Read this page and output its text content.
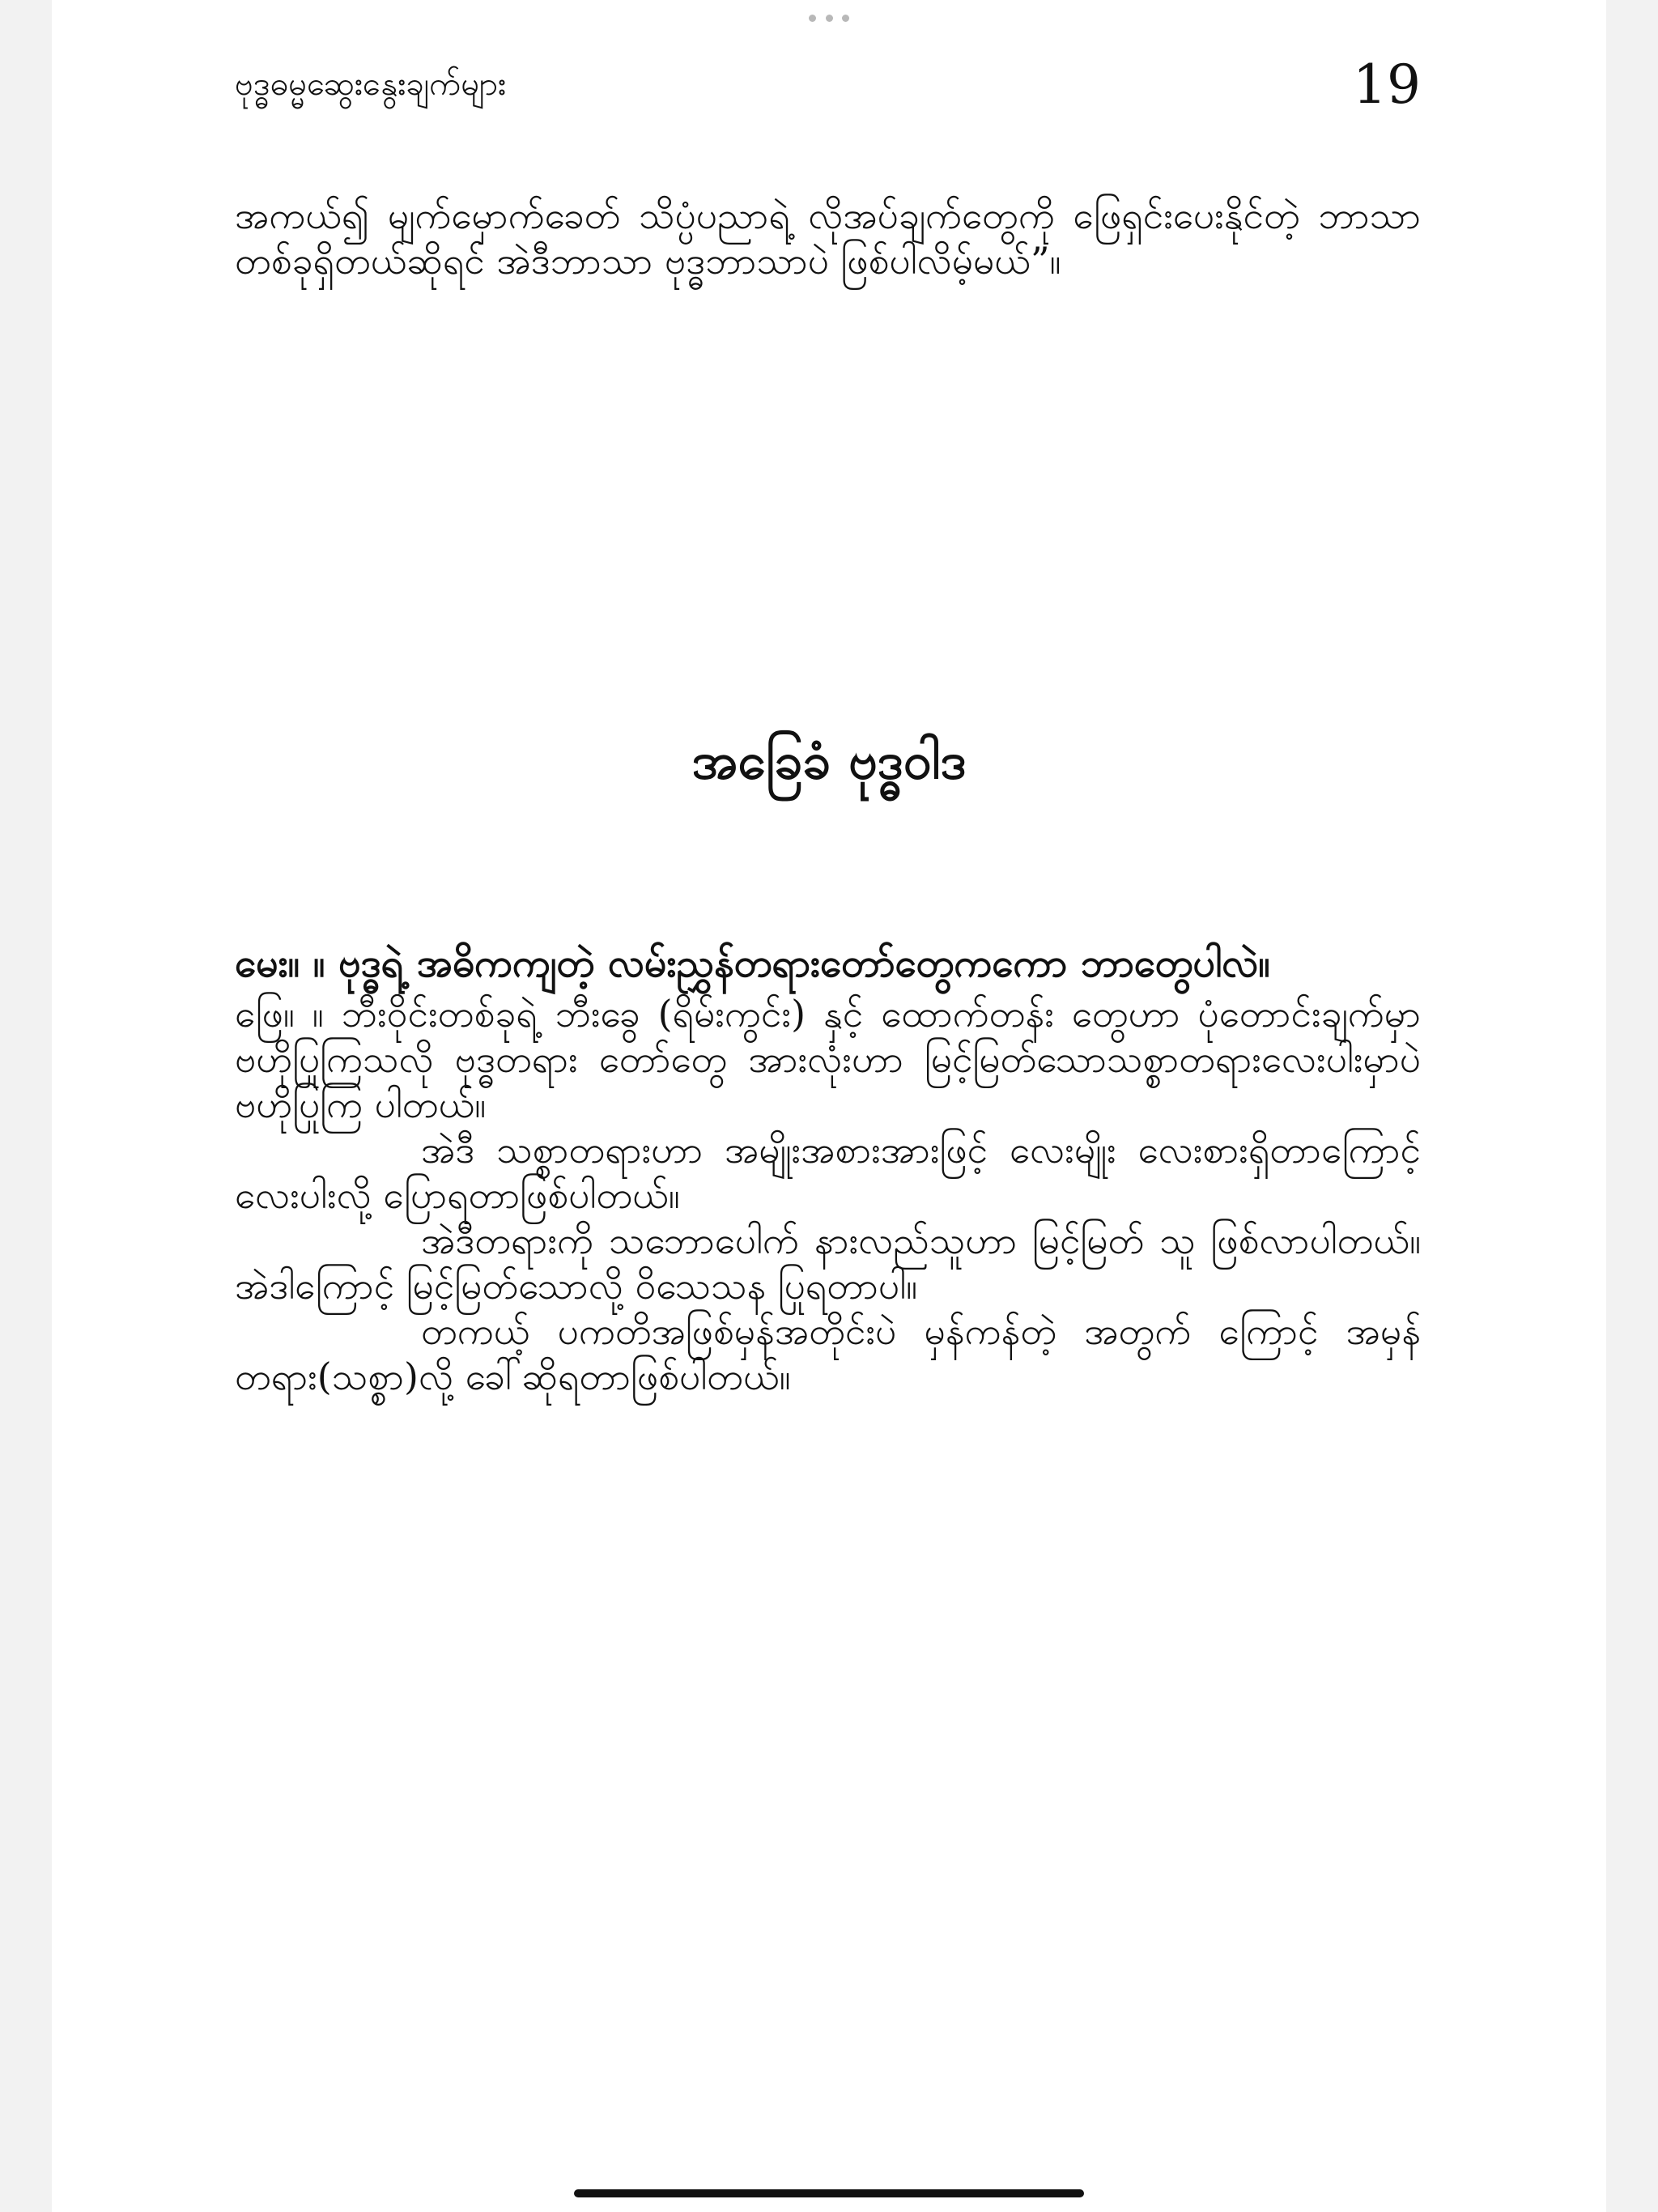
ဗုဒ္ဓဓမ္မဆွေးနွေးချက်များ	19

အကယ်၍ မျက်မှောက်ခေတ် သိပ္ပံပညာရဲ့ လိုအပ်ချက်တွေကို ဖြေရှင်းပေးနိုင်တဲ့ ဘာသာတစ်ခုရှိတယ်ဆိုရင် အဲဒီဘာသာ ဗုဒ္ဓဘာသာပဲ ဖြစ်ပါလိမ့်မယ်”။

အခြေခံ ဗုဒ္ဓဝါဒ

မေး။ ။ ဗုဒ္ဓရဲ့ အဓိကကျတဲ့ လမ်းညွှန်တရားတော်တွေကကော ဘာတွေပါလဲ။

ဖြေ။ ။ ဘီးဝိုင်းတစ်ခုရဲ့ ဘီးခွေ (ရိမ်းကွင်း) နှင့် ထောက်တန်း တွေဟာ ပုံတောင်းချက်မှာ ဗဟိုပြုကြသလို ဗုဒ္ဓတရား တော်တွေ အားလုံးဟာ မြင့်မြတ်သောသစ္စာတရားလေးပါးမှာပဲ ဗဟိုပြုကြ ပါတယ်။

အဲဒီ သစ္စာတရားဟာ အမျိုးအစားအားဖြင့် လေးမျိုး လေးစားရှိတာကြောင့် လေးပါးလို့ ပြောရတာဖြစ်ပါတယ်။

အဲဒီတရားကို သဘောပေါက် နားလည်သူဟာ မြင့်မြတ် သူ ဖြစ်လာပါတယ်။ အဲဒါကြောင့် မြင့်မြတ်သောလို့ ဝိသေသန ပြုရတာပါ။

တကယ့် ပကတိအဖြစ်မှန်အတိုင်းပဲ မှန်ကန်တဲ့ အတွက် ကြောင့် အမှန်တရား(သစ္စာ)လို့ ခေါ်ဆိုရတာဖြစ်ပါတယ်။
